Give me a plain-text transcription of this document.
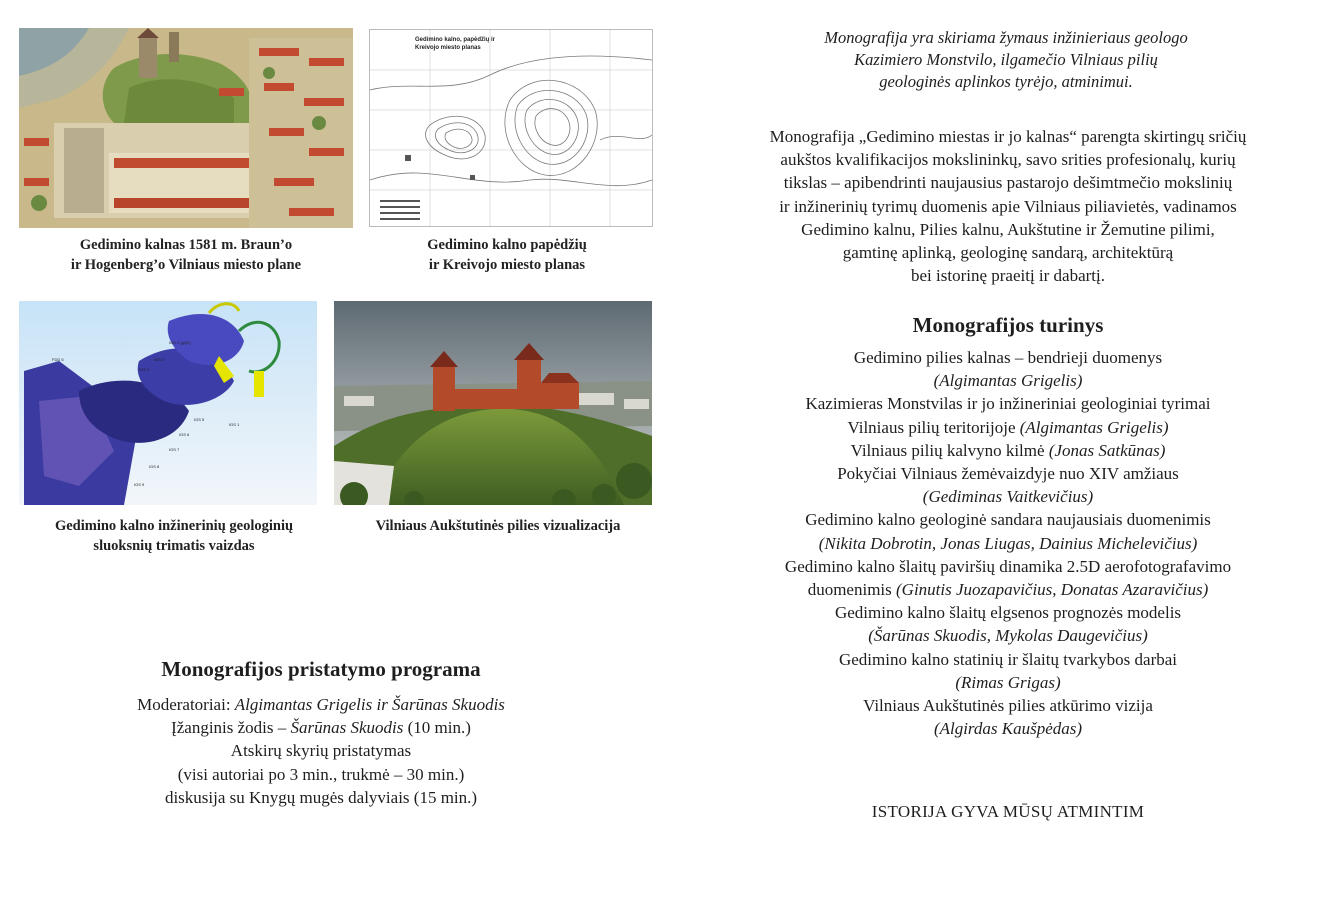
Gedimino kalnas 1581 m. Braun’o
ir Hogenberg’o Vilniaus miesto plane
Gedimino kalno, papėdžių ir
Kreivojo miesto planas
Gedimino kalno papėdžių
ir Kreivojo miesto planas
IGS 2 (gQ2)
IGS 3
IGS 4
FDD 5
IGS 5
IGS 1
IGS 6
IGS 7
IGS 8
IGS 9
Gedimino kalno inžinerinių geologinių
sluoksnių trimatis vaizdas
Vilniaus Aukštutinės pilies vizualizacija
Monografijos pristatymo programa
Moderatoriai: Algimantas Grigelis ir Šarūnas Skuodis
Įžanginis žodis – Šarūnas Skuodis (10 min.)
Atskirų skyrių pristatymas
(visi autoriai po 3 min., trukmė – 30 min.)
diskusija su Knygų mugės dalyviais (15 min.)
Monografija yra skiriama žymaus inžinieriaus geologo
Kazimiero Monstvilo, ilgamečio Vilniaus pilių
geologinės aplinkos tyrėjo, atminimui.
Monografija „Gedimino miestas ir jo kalnas“ parengta skirtingų sričių
aukštos kvalifikacijos mokslininkų, savo srities profesionalų, kurių
tikslas – apibendrinti naujausius pastarojo dešimtmečio mokslinių
ir inžinerinių tyrimų duomenis apie Vilniaus piliavietės, vadinamos
Gedimino kalnu, Pilies kalnu, Aukštutine ir Žemutine pilimi,
gamtinę aplinką, geologinę sandarą, architektūrą
bei istorinę praeitį ir dabartį.
Monografijos turinys
Gedimino pilies kalnas – bendrieji duomenys
(Algimantas Grigelis)
Kazimieras Monstvilas ir jo inžineriniai geologiniai tyrimai
Vilniaus pilių teritorijoje (Algimantas Grigelis)
Vilniaus pilių kalvyno kilmė (Jonas Satkūnas)
Pokyčiai Vilniaus žemėvaizdyje nuo XIV amžiaus
(Gediminas Vaitkevičius)
Gedimino kalno geologinė sandara naujausiais duomenimis
(Nikita Dobrotin, Jonas Liugas, Dainius Michelevičius)
Gedimino kalno šlaitų paviršių dinamika 2.5D aerofotografavimo
duomenimis (Ginutis Juozapavičius, Donatas Azaravičius)
Gedimino kalno šlaitų elgsenos prognozės modelis
(Šarūnas Skuodis, Mykolas Daugevičius)
Gedimino kalno statinių ir šlaitų tvarkybos darbai
(Rimas Grigas)
Vilniaus Aukštutinės pilies atkūrimo vizija
(Algirdas Kaušpėdas)
ISTORIJA GYVA MŪSŲ ATMINTIM
